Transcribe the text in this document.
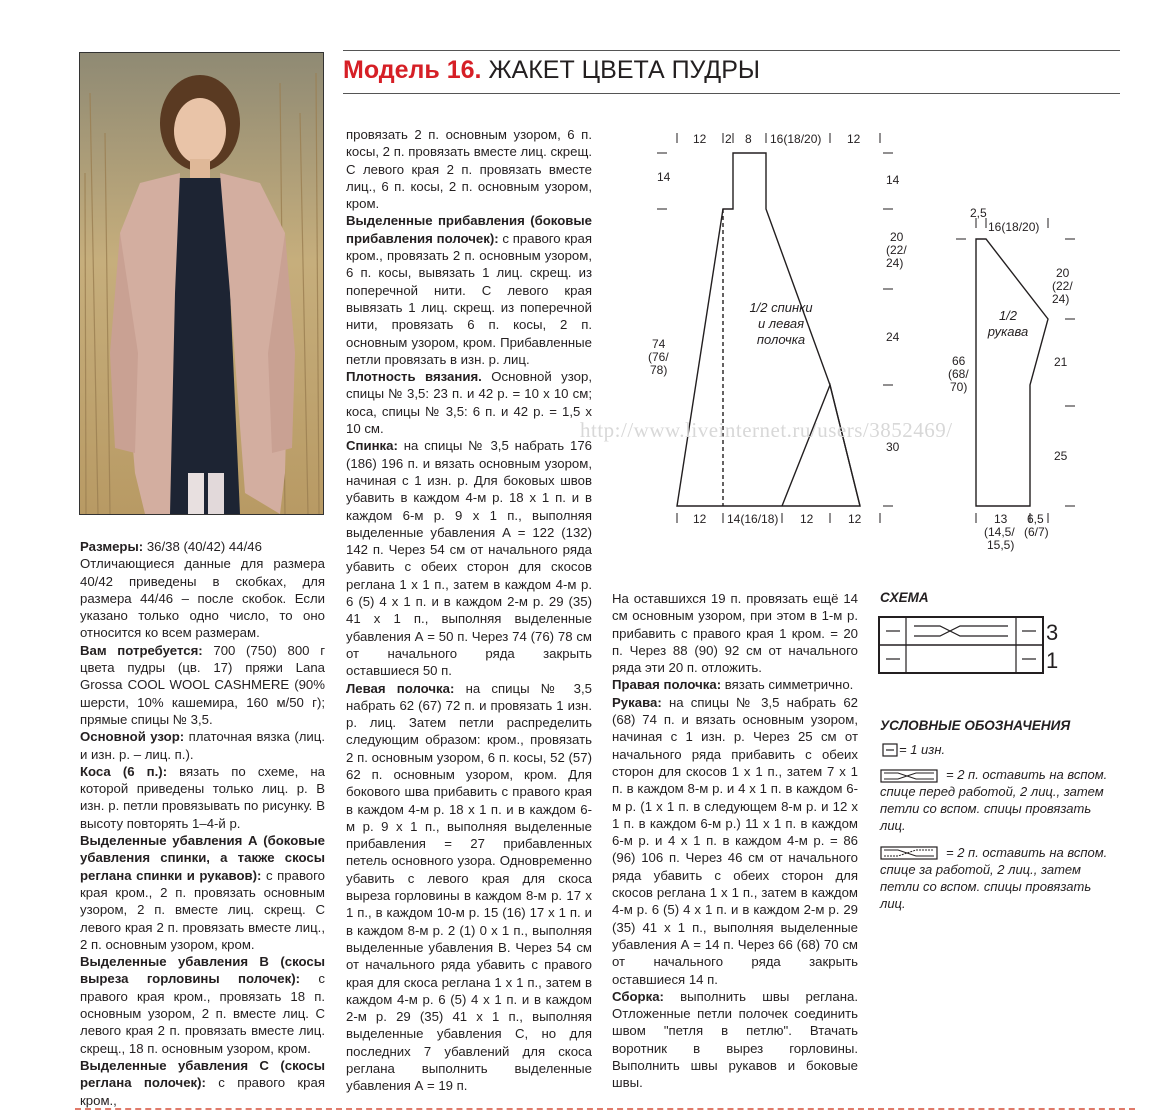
Модель 16. ЖАКЕТ ЦВЕТА ПУДРЫ

Размеры: 36/38 (40/42) 44/46

Отличающиеся данные для размера 40/42 приведены в скобках, для размера 44/46 – после скобок. Если указано только одно число, то оно относится ко всем размерам.

Вам потребуется: 700 (750) 800 г цвета пудры (цв. 17) пряжи Lana Grossa COOL WOOL CASHMERE (90% шерсти, 10% кашемира, 160 м/50 г); прямые спицы № 3,5.

Основной узор: платочная вязка (лиц. и изн. р. – лиц. п.).

Коса (6 п.): вязать по схеме, на которой приведены только лиц. р. В изн. р. петли провязывать по рисунку. В высоту повторять 1–4-й р.

Выделенные убавления А (боковые убавления спинки, а также скосы реглана спинки и рукавов): с правого края кром., 2 п. провязать основным узором, 2 п. вместе лиц. скрещ. С левого края 2 п. провязать вместе лиц., 2 п. основным узором, кром.

Выделенные убавления В (скосы выреза горловины полочек): с правого края кром., провязать 18 п. основным узором, 2 п. вместе лиц. С левого края 2 п. провязать вместе лиц. скрещ., 18 п. основным узором, кром.

Выделенные убавления С (скосы реглана полочек): с правого края кром.,

провязать 2 п. основным узором, 6 п. косы, 2 п. провязать вместе лиц. скрещ. С левого края 2 п. провязать вместе лиц., 6 п. косы, 2 п. основным узором, кром.

Выделенные прибавления (боковые прибавления полочек): с правого края кром., провязать 2 п. основным узором, 6 п. косы, вывязать 1 лиц. скрещ. из поперечной нити. С левого края вывязать 1 лиц. скрещ. из поперечной нити, провязать 6 п. косы, 2 п. основным узором, кром. Прибавленные петли провязать в изн. р. лиц.

Плотность вязания. Основной узор, спицы № 3,5: 23 п. и 42 р. = 10 x 10 см; коса, спицы № 3,5: 6 п. и 42 р. = 1,5 x 10 см.

Спинка: на спицы № 3,5 набрать 176 (186) 196 п. и вязать основным узором, начиная с 1 изн. р. Для боковых швов убавить в каждом 4-м р. 18 x 1 п. и в каждом 6-м р. 9 x 1 п., выполняя выделенные убавления А = 122 (132) 142 п. Через 54 см от начального ряда убавить с обеих сторон для скосов реглана 1 x 1 п., затем в каждом 4-м р. 6 (5) 4 x 1 п. и в каждом 2-м р. 29 (35) 41 x 1 п., выполняя выделенные убавления А = 50 п. Через 74 (76) 78 см от начального ряда закрыть оставшиеся 50 п.

Левая полочка: на спицы № 3,5 набрать 62 (67) 72 п. и провязать 1 изн. р. лиц. Затем петли распределить следующим образом: кром., провязать 2 п. основным узором, 6 п. косы, 52 (57) 62 п. основным узором, кром. Для бокового шва прибавить с правого края в каждом 4-м р. 18 x 1 п. и в каждом 6-м р. 9 x 1 п., выполняя выделенные прибавления = 27 прибавленных петель основного узора. Одновременно убавить с левого края для скоса выреза горловины в каждом 8-м р. 17 x 1 п., в каждом 10-м р. 15 (16) 17 x 1 п. и в каждом 8-м р. 2 (1) 0 x 1 п., выполняя выделенные убавления В. Через 54 см от начального ряда убавить с правого края для скоса реглана 1 x 1 п., затем в каждом 4-м р. 6 (5) 4 x 1 п. и в каждом 2-м р. 29 (35) 41 x 1 п., выполняя выделенные убавления С, но для последних 7 убавлений для скоса реглана выполнить выделенные убавления А = 19 п.

На оставшихся 19 п. провязать ещё 14 см основным узором, при этом в 1-м р. прибавить с правого края 1 кром. = 20 п. Через 88 (90) 92 см от начального ряда эти 20 п. отложить.

Правая полочка: вязать симметрично.

Рукава: на спицы № 3,5 набрать 62 (68) 74 п. и вязать основным узором, начиная с 1 изн. р. Через 25 см от начального ряда прибавить с обеих сторон для скосов 1 x 1 п., затем 7 x 1 п. в каждом 8-м р. и 4 x 1 п. в каждом 6-м р. (1 x 1 п. в следующем 8-м р. и 12 x 1 п. в каждом 6-м р.) 11 x 1 п. в каждом 6-м р. и 4 x 1 п. в каждом 4-м р. = 86 (96) 106 п. Через 46 см от начального ряда убавить с обеих сторон для скосов реглана 1 x 1 п., затем в каждом 4-м р. 6 (5) 4 x 1 п. и в каждом 2-м р. 29 (35) 41 x 1 п., выполняя выделенные убавления А = 14 п. Через 66 (68) 70 см от начального ряда закрыть оставшиеся 14 п.

Сборка: выполнить швы реглана. Отложенные петли полочек соединить швом "петля в петлю". Втачать воротник в вырез горловины. Выполнить швы рукавов и боковые швы.

12 2 8 16(18/20) 12
14
74
(76/
78)
14
20
(22/
24)
24
30
12 14(16/18) 12	12
1/2 спинки
и левая
полочка
2,5
16(18/20)
20
(22/
24)
66
(68/
70)
21
25
13
(14,5/
15,5)
6,5
(6/7)
1/2
рукава
http://www.liveinternet.ru/users/3852469/
СХЕМА
3
1
УСЛОВНЫЕ ОБОЗНАЧЕНИЯ
= 1 изн.
= 2 п. оставить на вспом. спице перед работой, 2 лиц., затем петли со вспом. спицы провязать лиц.
= 2 п. оставить на вспом. спице за работой, 2 лиц., затем петли со вспом. спицы провязать лиц.
